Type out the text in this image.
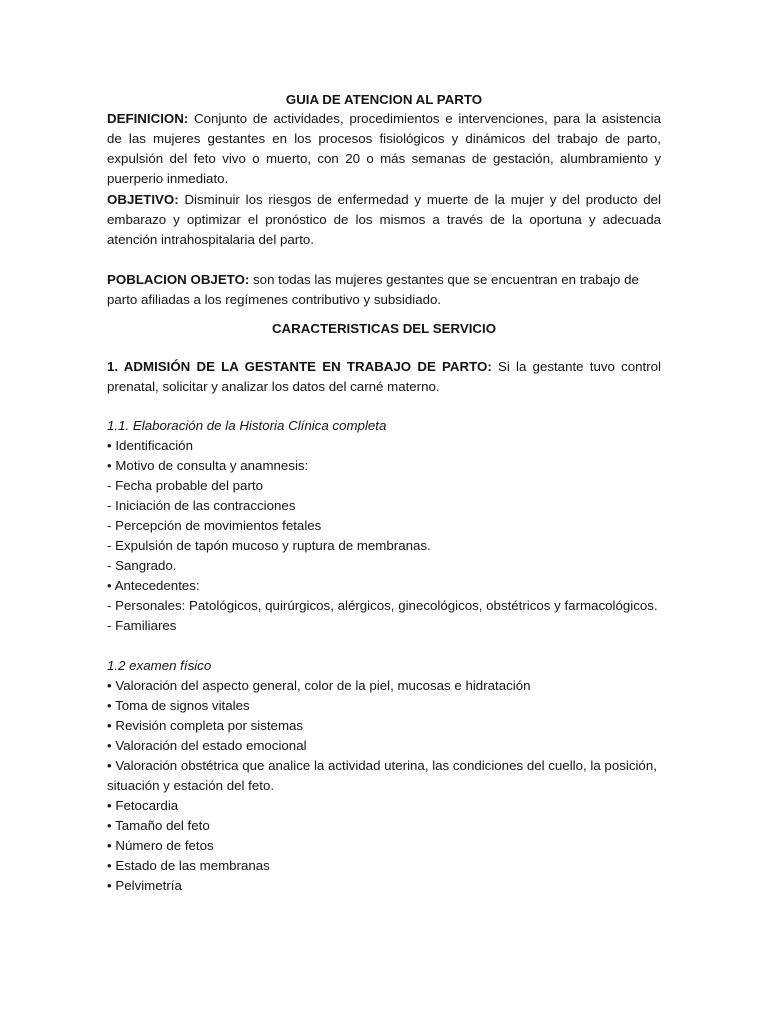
GUIA DE ATENCION AL PARTO

DEFINICION: Conjunto de actividades, procedimientos e intervenciones, para la asistencia de las mujeres gestantes en los procesos fisiológicos y dinámicos del trabajo de parto, expulsión del feto vivo o muerto, con 20 o más semanas de gestación, alumbramiento y puerperio inmediato.

OBJETIVO: Disminuir los riesgos de enfermedad y muerte de la mujer y del producto del embarazo y optimizar el pronóstico de los mismos a través de la oportuna y adecuada atención intrahospitalaria del parto.

POBLACION OBJETO: son todas las mujeres gestantes que se encuentran en trabajo de parto afiliadas a los regímenes contributivo y subsidiado.

CARACTERISTICAS DEL SERVICIO

1. ADMISIÓN DE LA GESTANTE EN TRABAJO DE PARTO: Si la gestante tuvo control prenatal, solicitar y analizar los datos del carné materno.

1.1. Elaboración de la Historia Clínica completa
• Identificación
• Motivo de consulta y anamnesis:
- Fecha probable del parto
- Iniciación de las contracciones
- Percepción de movimientos fetales
- Expulsión de tapón mucoso y ruptura de membranas.
- Sangrado.
• Antecedentes:
- Personales: Patológicos, quirúrgicos, alérgicos, ginecológicos, obstétricos y farmacológicos.
- Familiares
1.2 examen físico
• Valoración del aspecto general, color de la piel, mucosas e hidratación
• Toma de signos vitales
• Revisión completa por sistemas
• Valoración del estado emocional
• Valoración obstétrica que analice la actividad uterina, las condiciones del cuello, la posición,
situación y estación del feto.
• Fetocardia
• Tamaño del feto
• Número de fetos
• Estado de las membranas
• Pelvimetría
